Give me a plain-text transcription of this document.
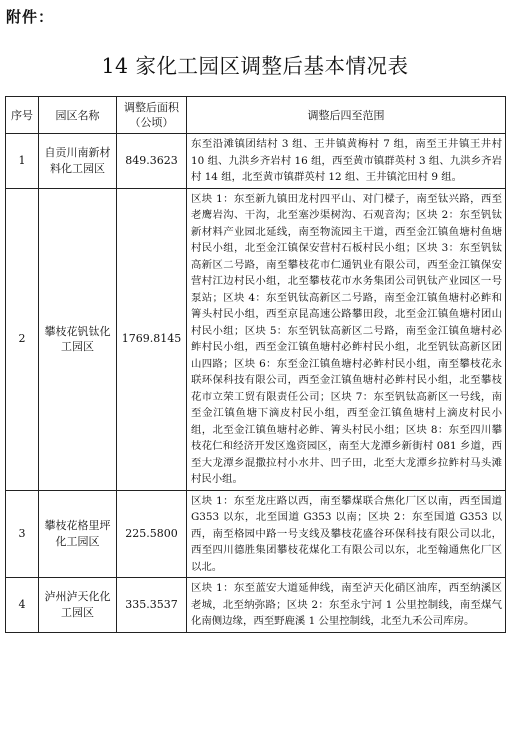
附件：
14 家化工园区调整后基本情况表
序号	园区名称	调整后面积（公顷）	调整后四至范围
1	自贡川南新材料化工园区	849.3623	东至沿滩镇团结村 3 组、王井镇黄梅村 7 组，南至王井镇王井村 10 组、九洪乡齐岩村 16 组，西至黄市镇群英村 3 组、九洪乡齐岩村 14 组，北至黄市镇群英村 12 组、王井镇沱田村 9 组。
2	攀枝花钒钛化工园区	1769.8145	区块 1：东至新九镇田龙村四平山、对门樑子，南至钛兴路，西至老鹰岩沟、干沟，北至塞沙渠树沟、石观音沟；区块 2：东至钒钛新材料产业园北延线，南至物流园主干道，西至金江镇鱼塘村鱼塘村民小组，北至金江镇保安营村石板村民小组；区块 3：东至钒钛高新区二号路，南至攀枝花市仁通钒业有限公司，西至金江镇保安营村江边村民小组，北至攀枝花市水务集团公司钒钛产业园区一号泵站；区块 4：东至钒钛高新区二号路，南至金江镇鱼塘村必鲊和箐头村民小组，西至京昆高速公路攀田段，北至金江镇鱼塘村团山村民小组；区块 5：东至钒钛高新区二号路，南至金江镇鱼塘村必鲊村民小组，西至金江镇鱼塘村必鲊村民小组，北至钒钛高新区团山四路；区块 6：东至金江镇鱼塘村必鲊村民小组，南至攀枝花永联环保科技有限公司，西至金江镇鱼塘村必鲊村民小组，北至攀枝花市立荣工贸有限责任公司；区块 7：东至钒钛高新区一号线，南至金江镇鱼塘下滴皮村民小组，西至金江镇鱼塘村上滴皮村民小组，北至金江镇鱼塘村必鲊、箐头村民小组；区块 8：东至四川攀枝花仁和经济开发区逸资园区，南至大龙潭乡新街村 081 乡道，西至大龙潭乡混撒拉村小水井、凹子田，北至大龙潭乡拉鲊村马头滩村民小组。
3	攀枝花格里坪化工园区	225.5800	区块 1：东至龙庄路以西，南至攀煤联合焦化厂区以南，西至国道 G353 以东，北至国道 G353 以南；区块 2：东至国道 G353 以西，南至格园中路一号支线及攀枝花盛谷环保科技有限公司以北，西至四川德胜集团攀枝花煤化工有限公司以东，北至翰通焦化厂区以北。
4	泸州泸天化化工园区	335.3537	区块 1：东至蓝安大道延伸线，南至泸天化硝区油库，西至纳溪区老城，北至纳弥路；区块 2：东至永宁河 1 公里控制线，南至煤气化南侧边缘，西至野鹿溪 1 公里控制线，北至九禾公司库房。
